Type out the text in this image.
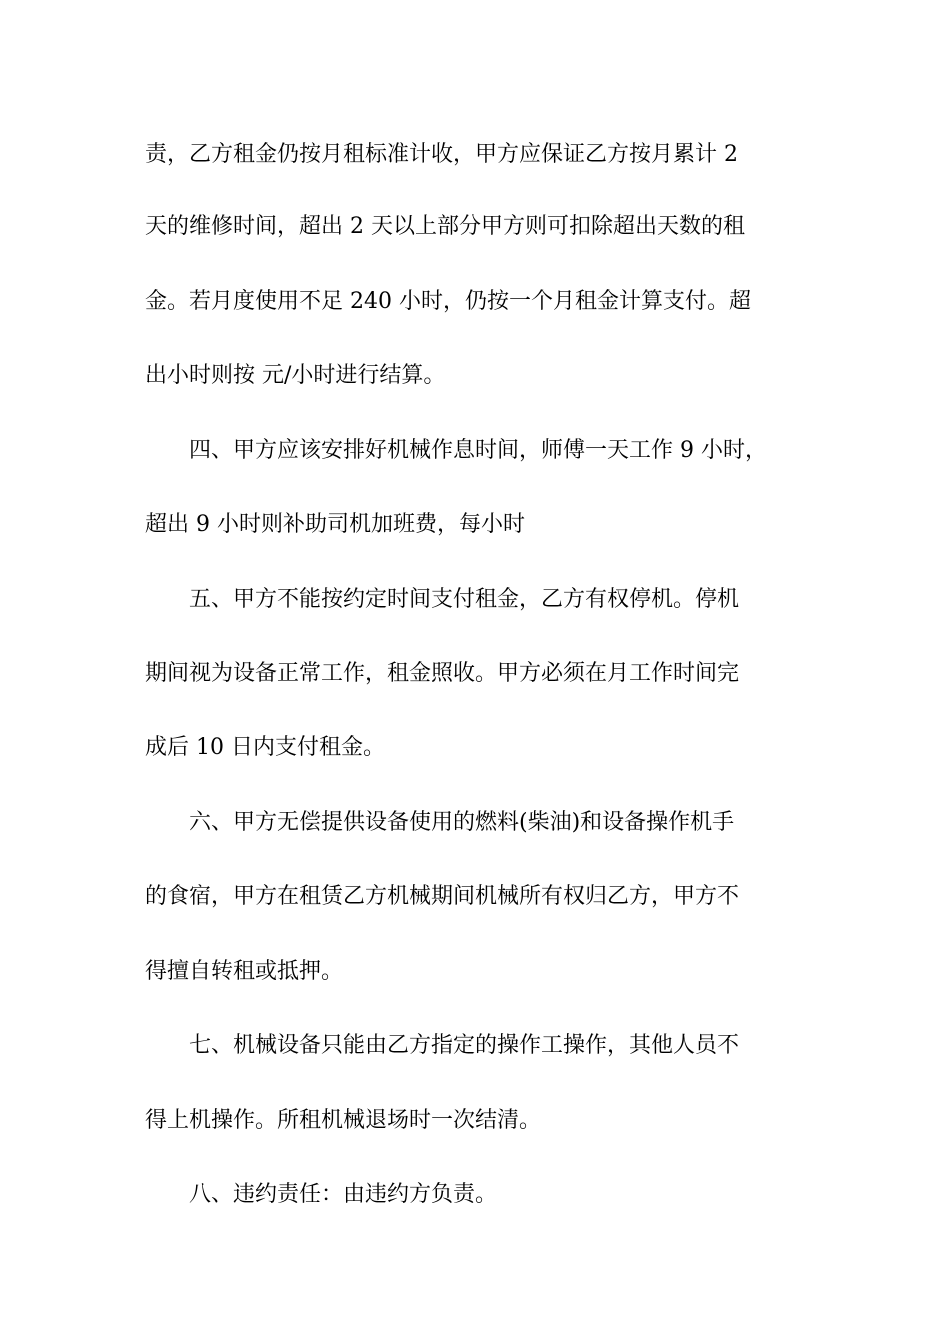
责，乙方租金仍按月租标准计收，甲方应保证乙方按月累计 2
天的维修时间，超出 2 天以上部分甲方则可扣除超出天数的租
金。若月度使用不足 240 小时，仍按一个月租金计算支付。超
出小时则按 元/小时进行结算。
　　四、甲方应该安排好机械作息时间，师傅一天工作 9 小时，
超出 9 小时则补助司机加班费，每小时
　　五、甲方不能按约定时间支付租金，乙方有权停机。停机
期间视为设备正常工作，租金照收。甲方必须在月工作时间完
成后 10 日内支付租金。
　　六、甲方无偿提供设备使用的燃料(柴油)和设备操作机手
的食宿，甲方在租赁乙方机械期间机械所有权归乙方，甲方不
得擅自转租或抵押。
　　七、机械设备只能由乙方指定的操作工操作，其他人员不
得上机操作。所租机械退场时一次结清。
　　八、违约责任：由违约方负责。
